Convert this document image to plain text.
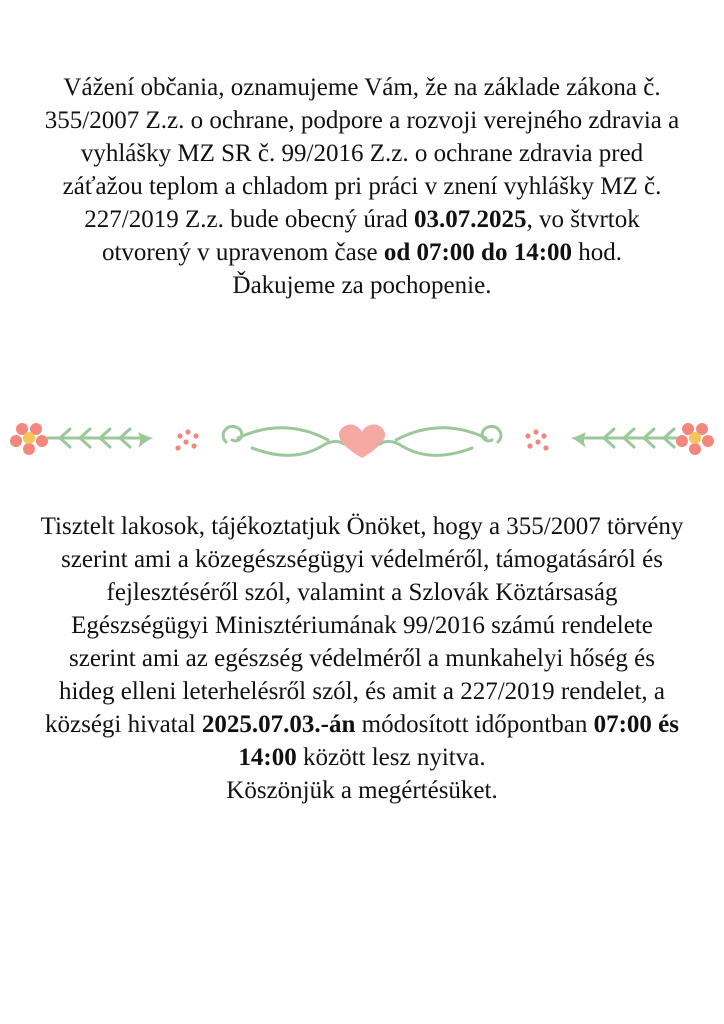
Vážení občania, oznamujeme Vám, že na základe zákona č. 355/2007 Z.z. o ochrane, podpore a rozvoji verejného zdravia a vyhlášky MZ SR č. 99/2016 Z.z. o ochrane zdravia pred záťažou teplom a chladom pri práci v znení vyhlášky MZ č. 227/2019 Z.z. bude obecný úrad 03.07.2025, vo štvrtok otvorený v upravenom čase od 07:00 do 14:00 hod.

Ďakujeme za pochopenie.

Tisztelt lakosok, tájékoztatjuk Önöket, hogy a 355/2007 törvény szerint ami a közegészségügyi védelméről, támogatásáról és fejlesztéséről szól, valamint a Szlovák Köztársaság Egészségügyi Minisztériumának 99/2016 számú rendelete szerint ami az egészség védelméről a munkahelyi hőség és hideg elleni leterhelésről szól, és amit a 227/2019 rendelet, a községi hivatal 2025.07.03.-án módosított időpontban 07:00 és 14:00 között lesz nyitva.

Köszönjük a megértésüket.
